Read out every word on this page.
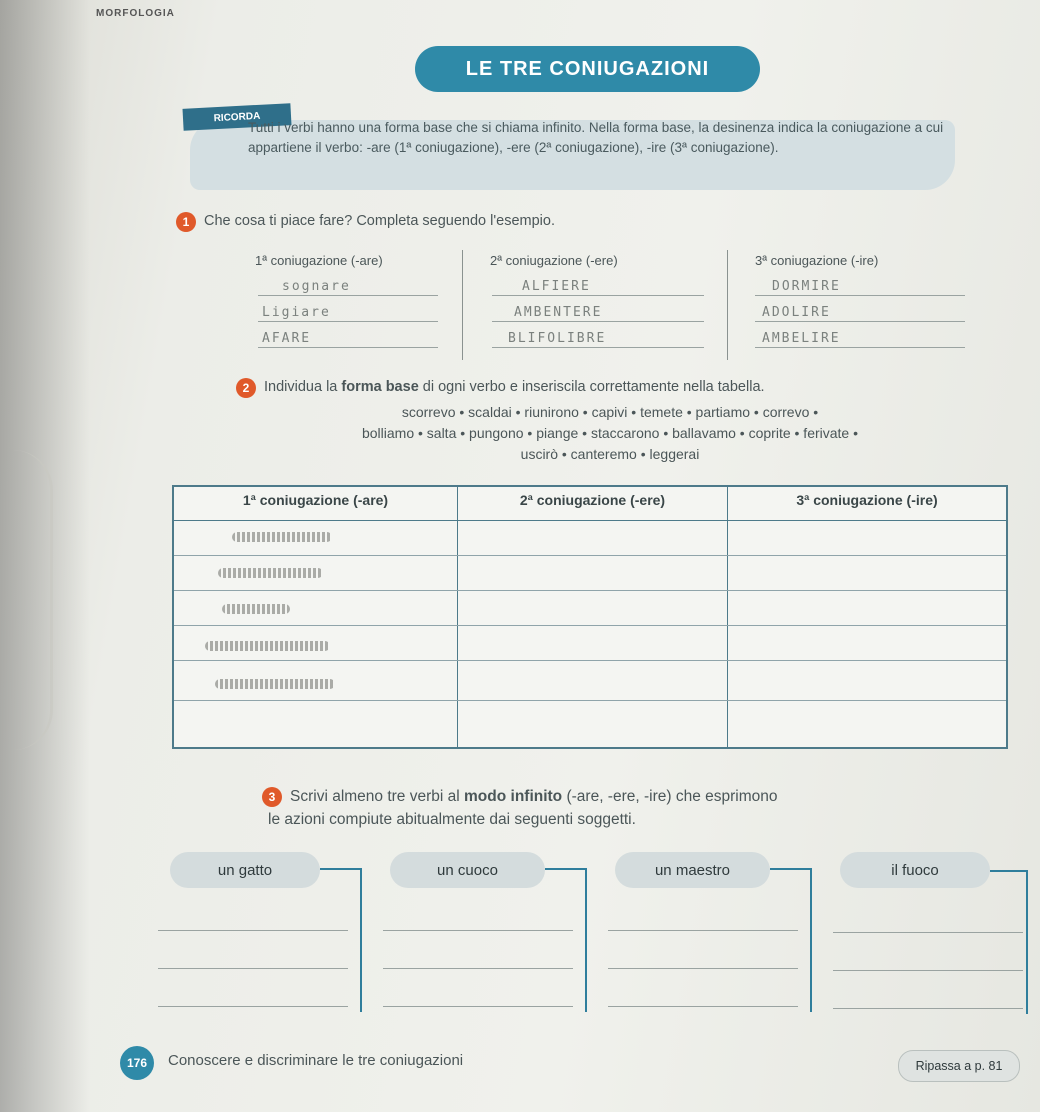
MORFOLOGIA
LE TRE CONIUGAZIONI
RICORDA
Tutti i verbi hanno una forma base che si chiama infinito. Nella forma base, la desinenza indica la coniugazione a cui appartiene il verbo: -are (1ª coniugazione), -ere (2ª coniugazione), -ire (3ª coniugazione).
1	Che cosa ti piace fare? Completa seguendo l'esempio.
1ª coniugazione (-are)	2ª coniugazione (-ere)	3ª coniugazione (-ire)
sognare	ALFIERE	DORMIRE
Ligiare	AMBENTERE	ADOLIRE
AFARE	BLIFOLIBRE	AMBELIRE
2	Individua la forma base di ogni verbo e inseriscila correttamente nella tabella.
scorrevo • scaldai • riunirono • capivi • temete • partiamo • correvo •
bolliamo • salta • pungono • piange • staccarono • ballavamo • coprite • ferivate •
uscirò • canteremo • leggerai
1ª coniugazione (-are)	2ª coniugazione (-ere)	3ª coniugazione (-ire)
3 Scrivi almeno tre verbi al modo infinito (-are, -ere, -ire) che esprimono
le azioni compiute abitualmente dai seguenti soggetti.
un gatto	un cuoco	un maestro	il fuoco
176	Conoscere e discriminare le tre coniugazioni	Ripassa a p. 81
